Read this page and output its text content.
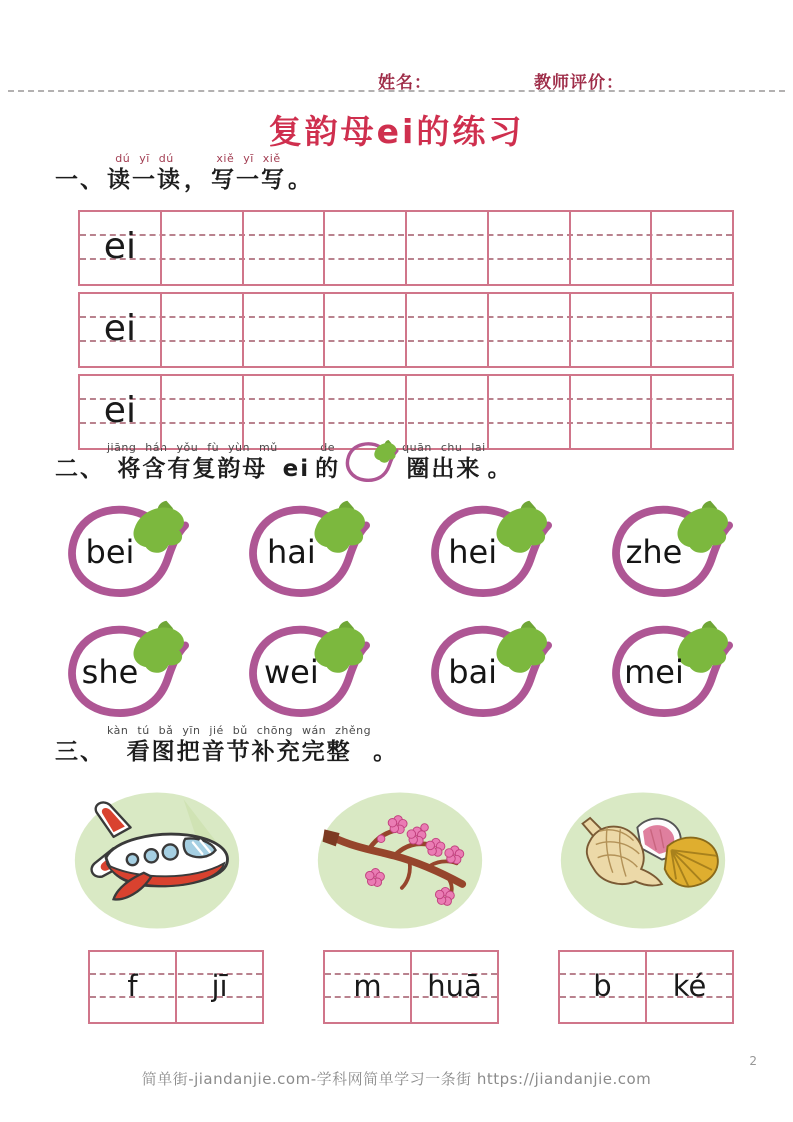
姓名：	教师评价：
复韵母ei的练习
一、
dú yī dú
读一读 ，
xiě yī xiě
写一写 。
ei
ei
ei
二、
jiāng hán yǒu fù yùn mǔ
将含有复韵母 ei
de
的
quān chu lai
圈出来 。
bei	hai	hei	zhe
she	wei	bai	mei
三、
kàn tú bǎ yīn jié bǔ chōng wán zhěng
看图把音节补充完整 。
f	jī	m huā	b ké
简单街-jiandanjie.com-学科网简单学习一条街 https://jiandanjie.com
2
